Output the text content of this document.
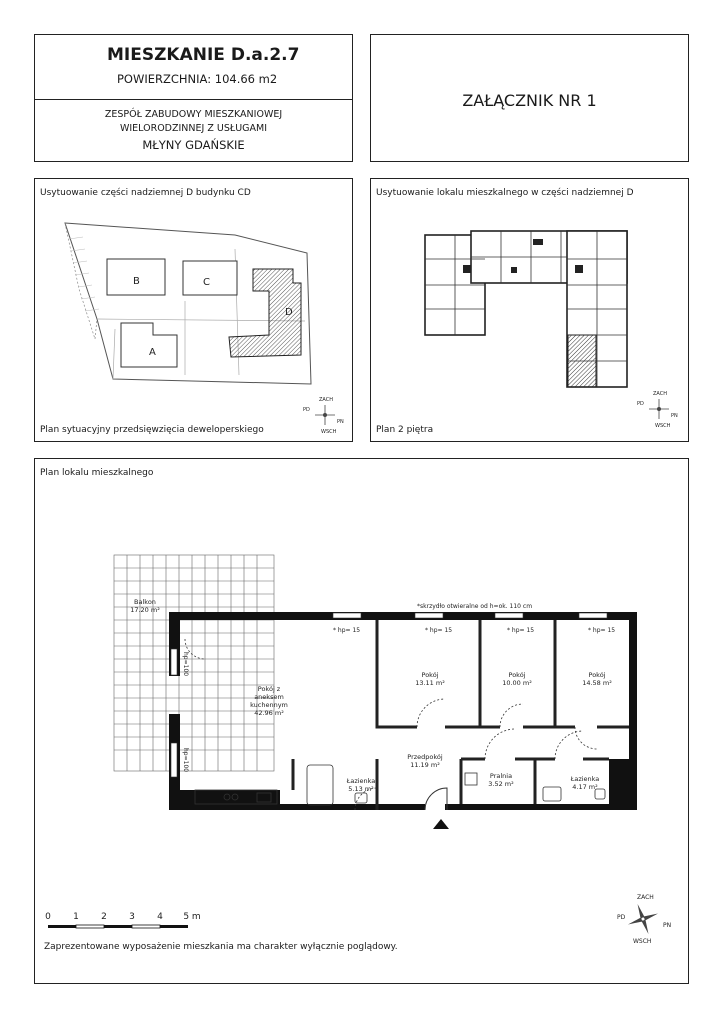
MIESZKANIE D.a.2.7
POWIERZCHNIA: 104.66 m2
ZESPÓŁ ZABUDOWY MIESZKANIOWEJ
WIELORODZINNEJ Z USŁUGAMI
MŁYNY GDAŃSKIE
ZAŁĄCZNIK NR 1
Usytuowanie części nadziemnej D budynku CD
Plan sytuacyjny przedsięwzięcia deweloperskiego
B	C
A
D
ZACH
PD
PN
WSCH
Usytuowanie lokalu mieszkalnego w części nadziemnej D
Plan 2 piętra
ZACH
PD
PN
WSCH
Plan lokalu mieszkalnego
Zaprezentowane wyposażenie mieszkania ma charakter wyłącznie poglądowy.
Balkon
17.20 m²
Pokój z
aneksem
kuchennym
42.96 m²
Pokój
13.11 m²
Pokój
10.00 m²
Pokój
14.58 m²
Przedpokój
11.19 m²
Łazienka
5.13 m²
Pralnia
3.52 m²
Łazienka
4.17 m²
* hp= 15	* hp= 15	* hp= 15	* hp= 15
hp=100
hp=100
*skrzydło otwieralne od h=ok. 110 cm
0 1 2 3 4 5 m
ZACH
PD
PN
WSCH
